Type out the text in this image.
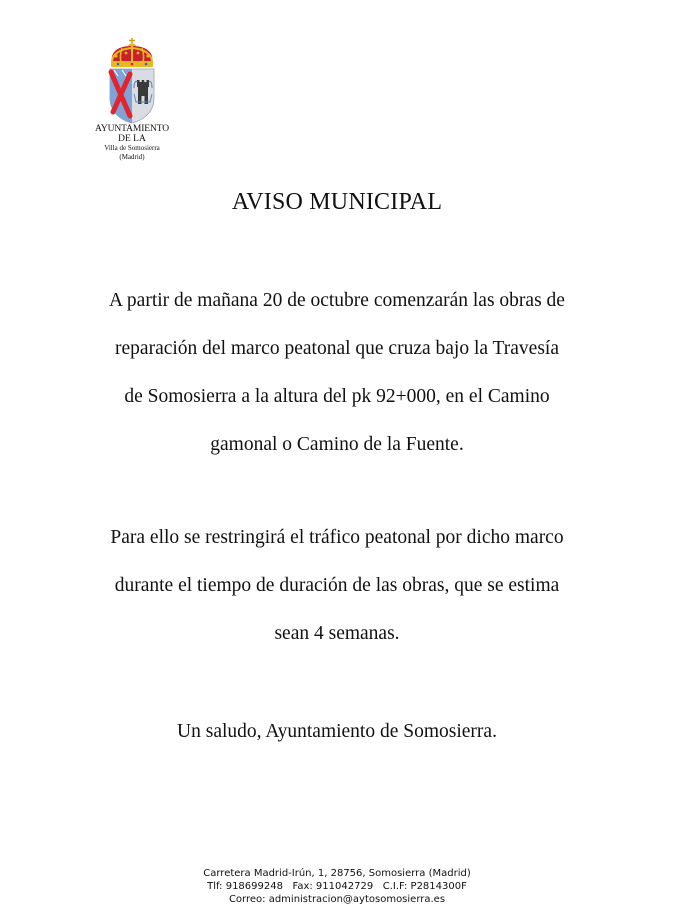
AYUNTAMIENTO
DE LA
Villa de Somosierra
(Madrid)
AVISO MUNICIPAL
A partir de mañana 20 de octubre comenzarán las obras de
reparación del marco peatonal que cruza bajo la Travesía
de Somosierra a la altura del pk 92+000, en el Camino
gamonal o Camino de la Fuente.
Para ello se restringirá el tráfico peatonal por dicho marco
durante el tiempo de duración de las obras, que se estima
sean 4 semanas.
Un saludo, Ayuntamiento de Somosierra.
Carretera Madrid-Irún, 1, 28756, Somosierra (Madrid)
Tlf: 918699248   Fax: 911042729   C.I.F: P2814300F
Correo: administracion@aytosomosierra.es
